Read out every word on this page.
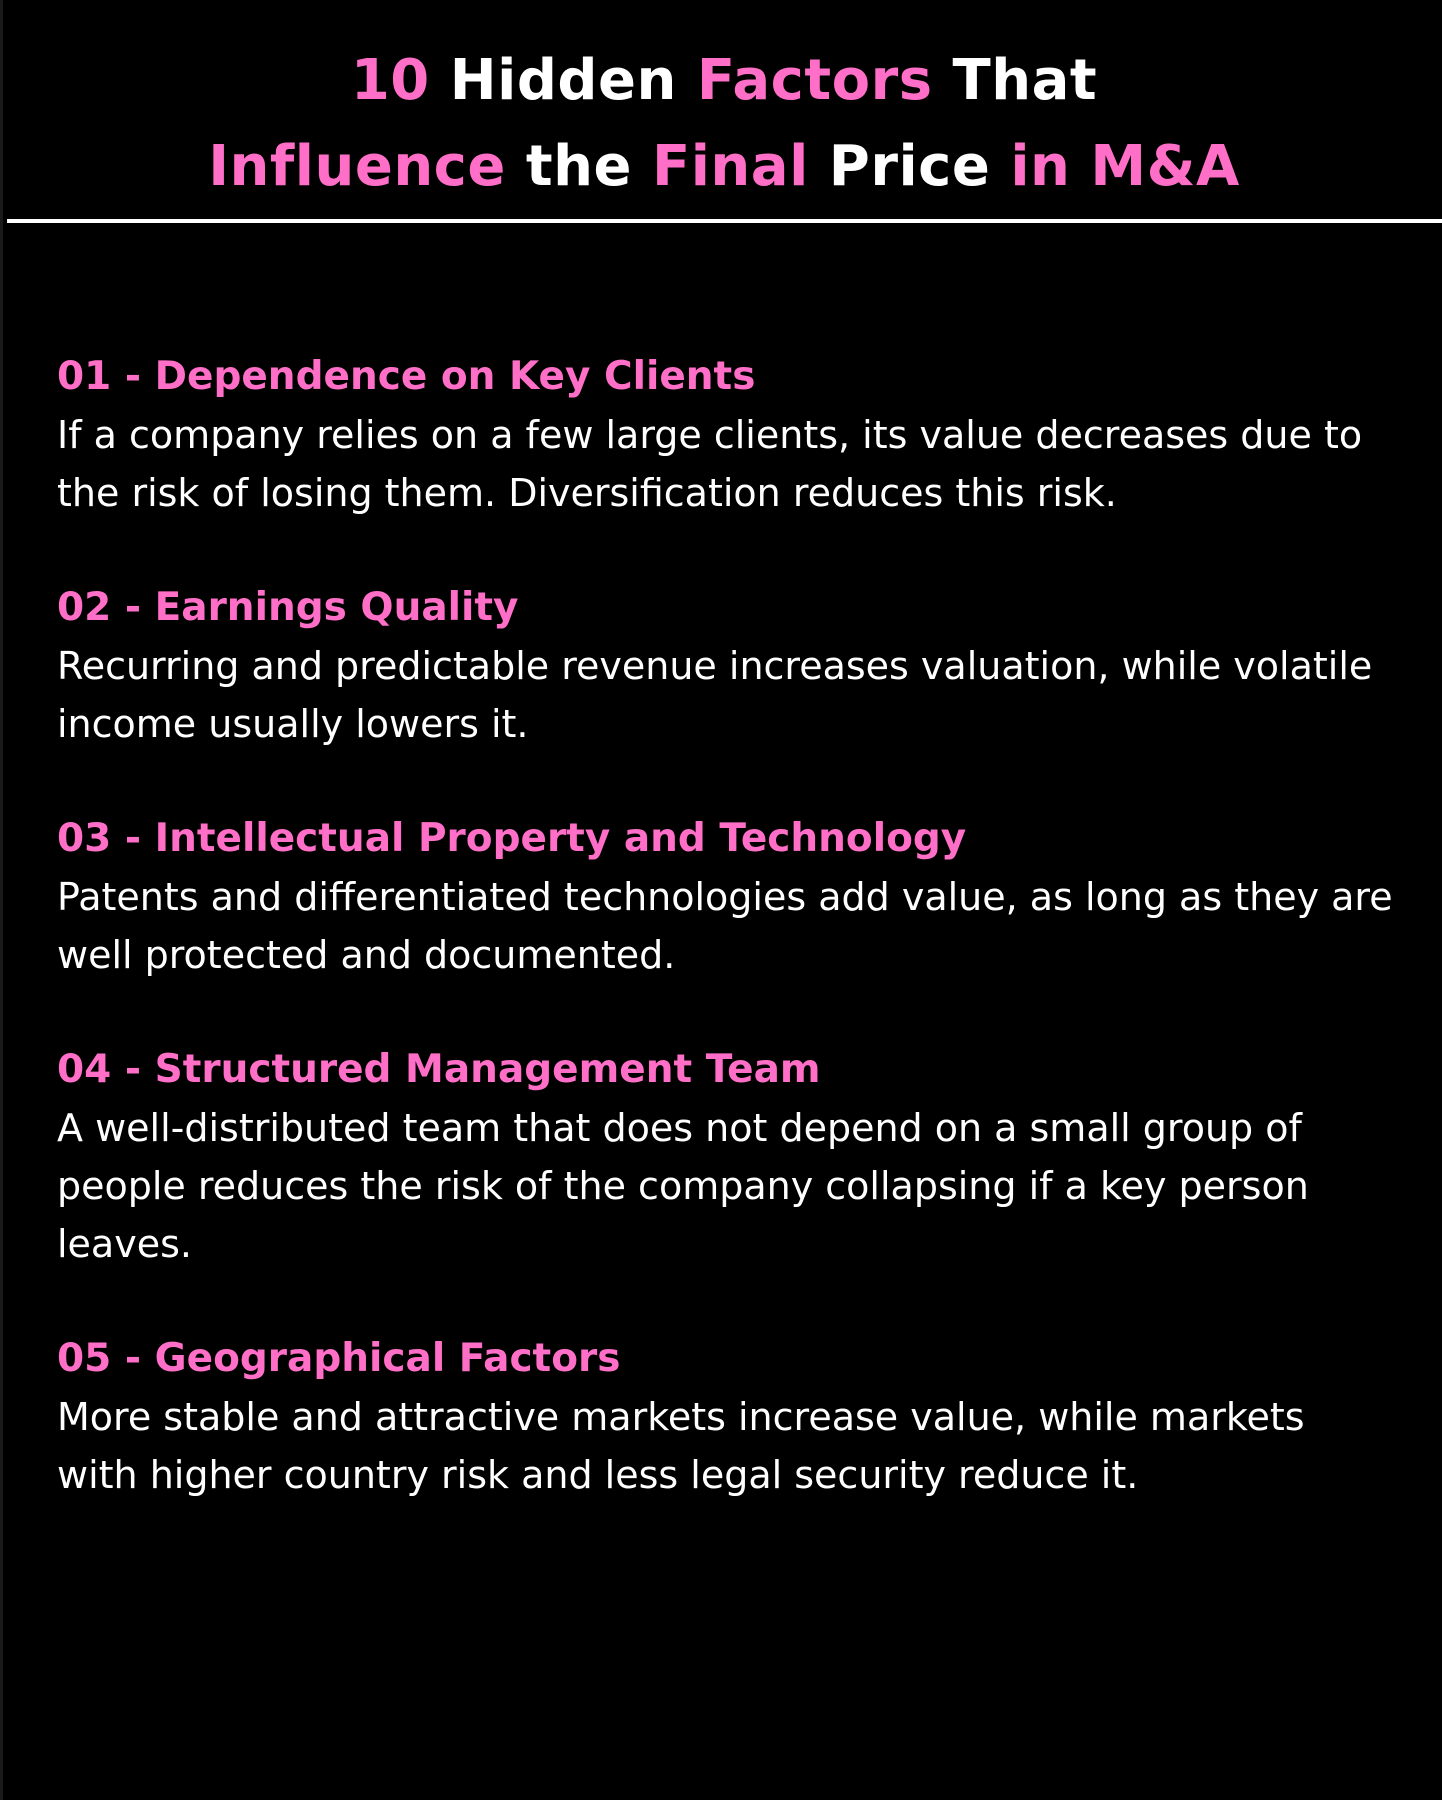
10 Hidden Factors That
Influence the Final Price in M&A
01 - Dependence on Key Clients
If a company relies on a few large clients, its value decreases due to the risk of losing them. Diversification reduces this risk.
02 - Earnings Quality
Recurring and predictable revenue increases valuation, while volatile income usually lowers it.
03 - Intellectual Property and Technology
Patents and differentiated technologies add value, as long as they are well protected and documented.
04 - Structured Management Team
A well-distributed team that does not depend on a small group of people reduces the risk of the company collapsing if a key person leaves.
05 - Geographical Factors
More stable and attractive markets increase value, while markets with higher country risk and less legal security reduce it.
